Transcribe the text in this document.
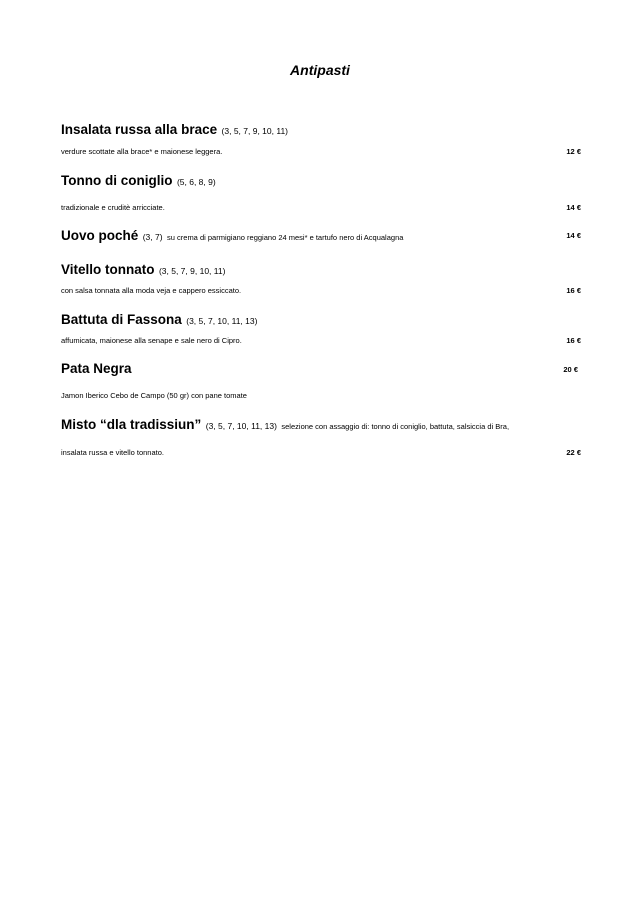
Antipasti
Insalata russa alla brace (3, 5, 7, 9, 10, 11)
verdure scottate alla brace* e maionese leggera.	12 €
Tonno di coniglio (5, 6, 8, 9)
tradizionale e cruditè arricciate.	14 €
Uovo poché (3, 7) su crema di parmigiano reggiano 24 mesi* e tartufo nero di Acqualagna	14 €
Vitello tonnato (3, 5, 7, 9, 10, 11)
con salsa tonnata alla moda veja e cappero essiccato.	16 €
Battuta di Fassona (3, 5, 7, 10, 11, 13)
affumicata, maionese alla senape e sale nero di Cipro.	16 €
Pata Negra	20 €
Jamon Iberico Cebo de Campo (50 gr) con pane tomate
Misto “dla tradissiun” (3, 5, 7, 10, 11, 13) selezione con assaggio di: tonno di coniglio, battuta, salsiccia di Bra,
insalata russa e vitello tonnato.	22 €
